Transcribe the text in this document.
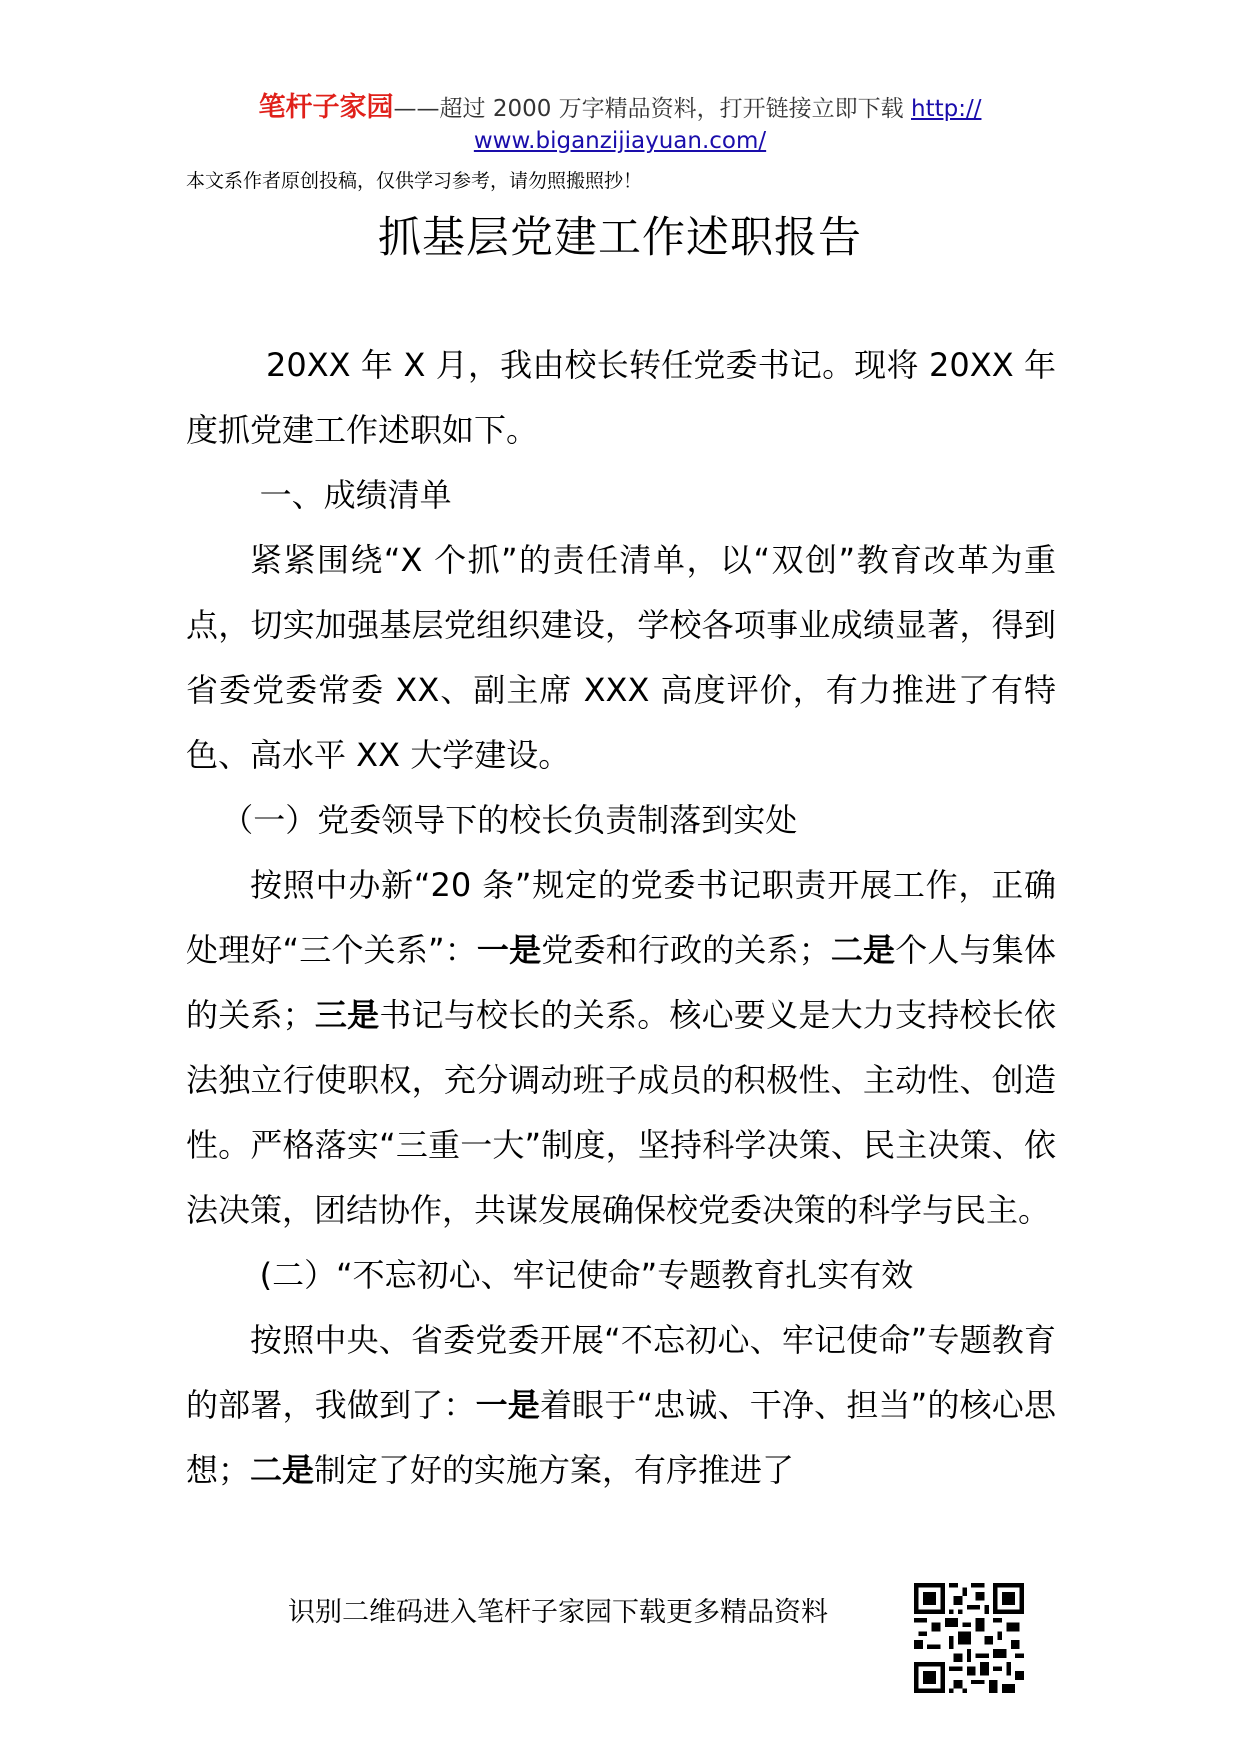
笔杆子家园——超过 2000 万字精品资料，打开链接立即下载 http://
www.biganzijiayuan.com/
本文系作者原创投稿，仅供学习参考，请勿照搬照抄！
抓基层党建工作述职报告

20XX 年 X 月，我由校长转任党委书记。现将 20XX 年度抓党建工作述职如下。

一、成绩清单

紧紧围绕“X 个抓”的责任清单，以“双创”教育改革为重点，切实加强基层党组织建设，学校各项事业成绩显著，得到省委党委常委 XX、副主席 XXX 高度评价，有力推进了有特色、高水平 XX 大学建设。

（一）党委领导下的校长负责制落到实处

按照中办新“20 条”规定的党委书记职责开展工作，正确处理好“三个关系”：一是党委和行政的关系；二是个人与集体的关系；三是书记与校长的关系。核心要义是大力支持校长依法独立行使职权，充分调动班子成员的积极性、主动性、创造性。严格落实“三重一大”制度，坚持科学决策、民主决策、依法决策，团结协作，共谋发展确保校党委决策的科学与民主。

(二）“不忘初心、牢记使命”专题教育扎实有效

按照中央、省委党委开展“不忘初心、牢记使命”专题教育的部署，我做到了：一是着眼于“忠诚、干净、担当”的核心思想；二是制定了好的实施方案，有序推进了

识别二维码进入笔杆子家园下载更多精品资料
